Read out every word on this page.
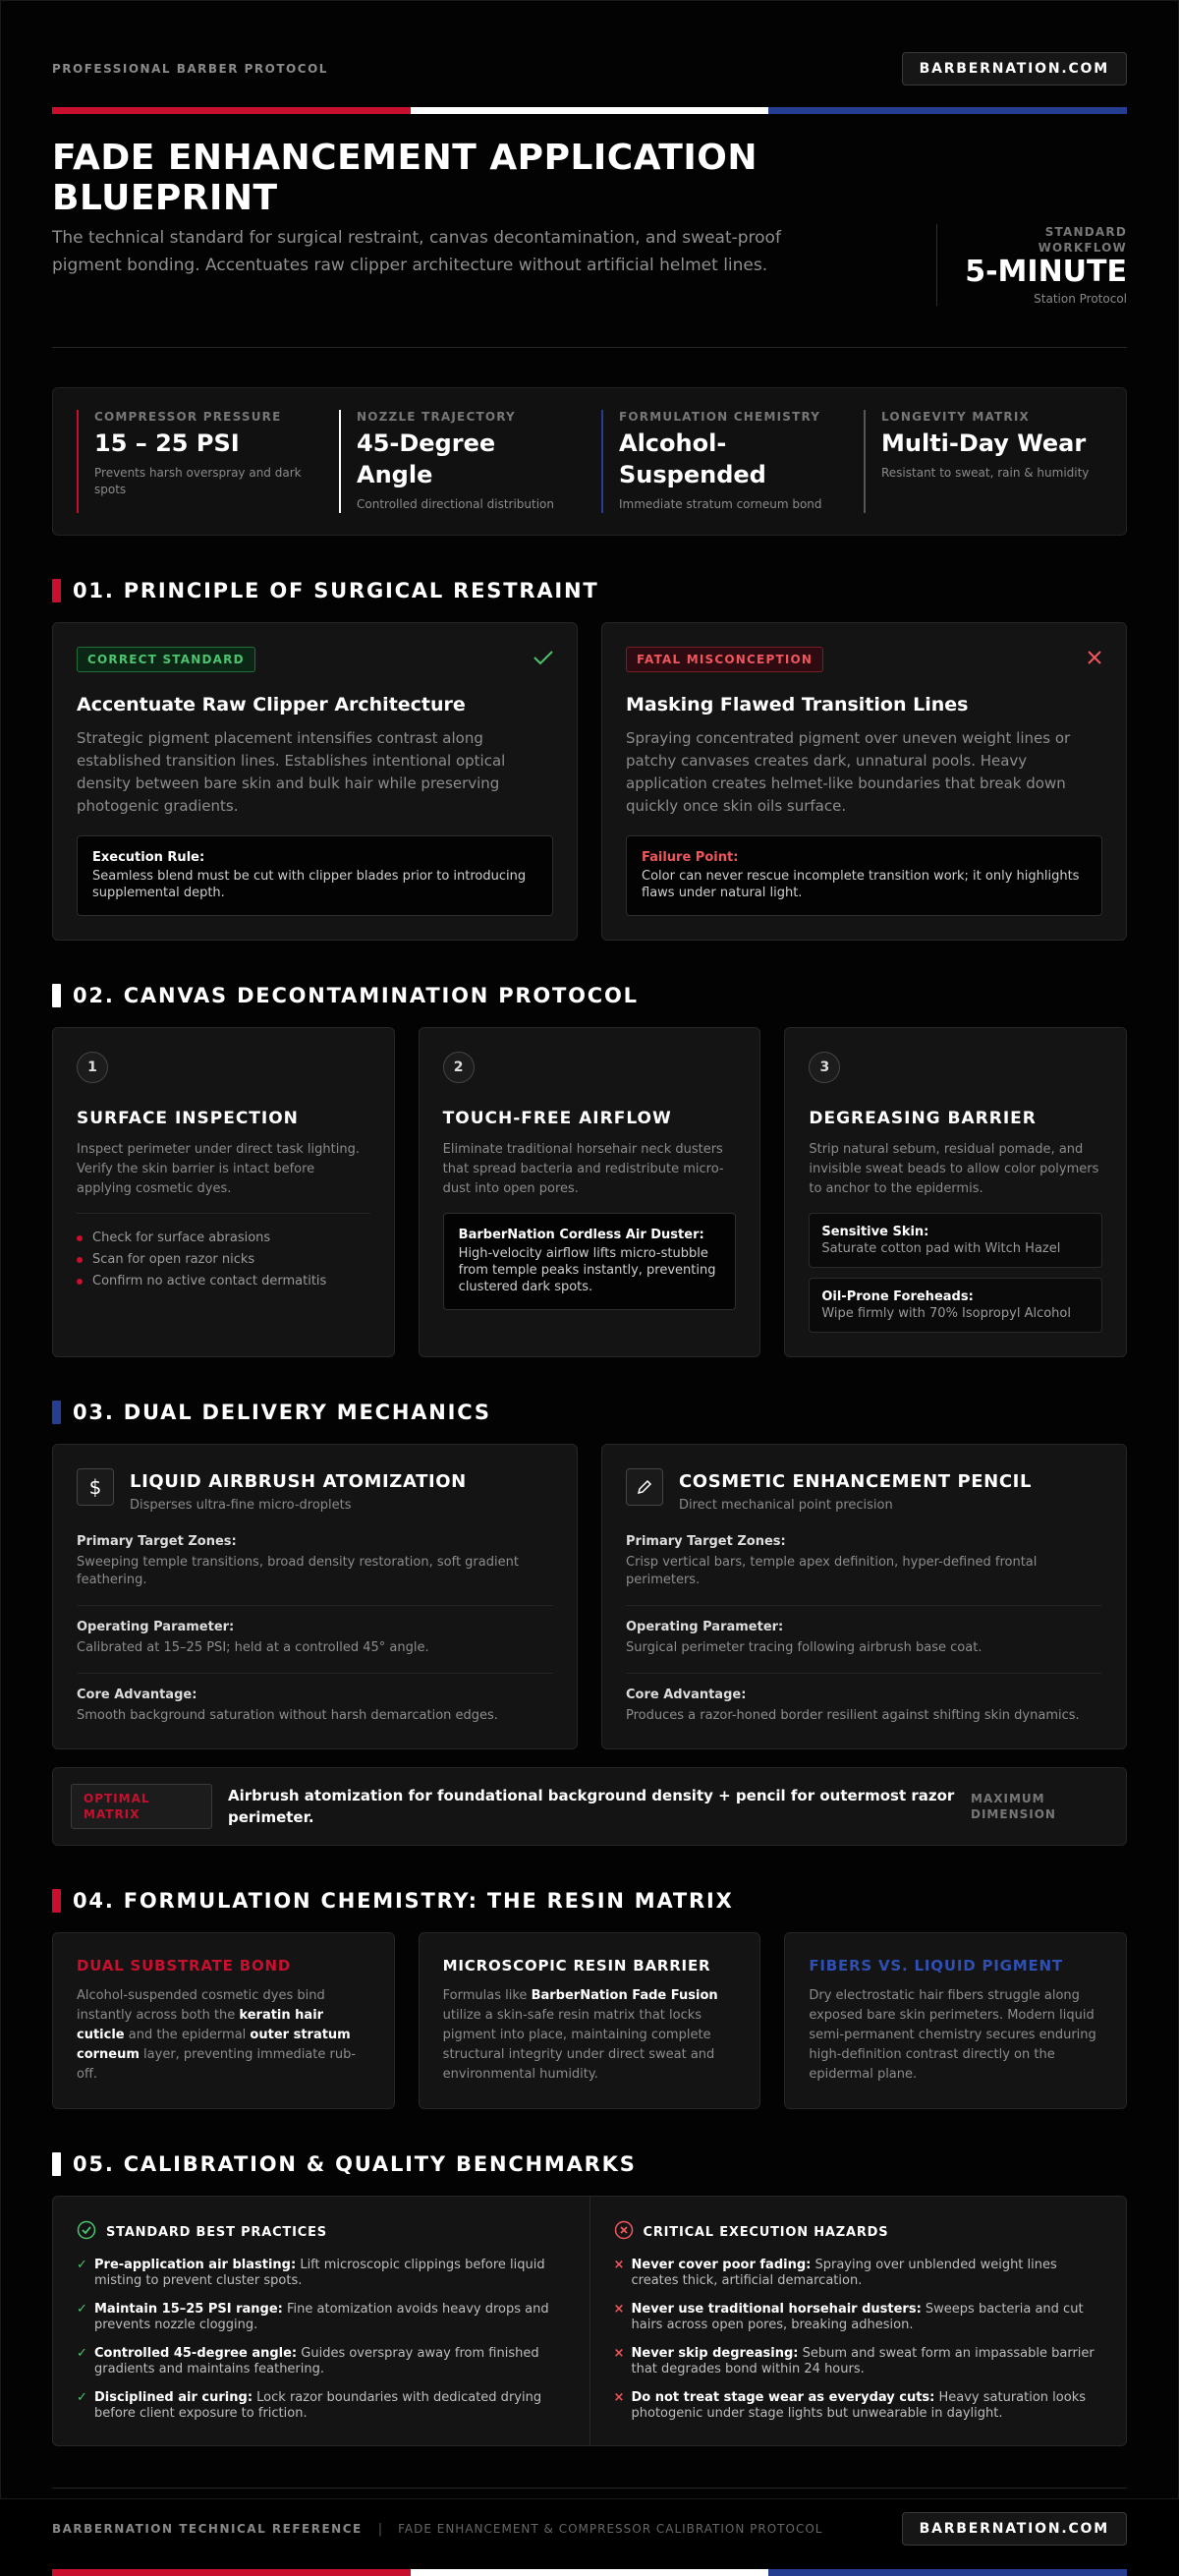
PROFESSIONAL BARBER PROTOCOL	BARBERNATION.COM
FADE ENHANCEMENT APPLICATION BLUEPRINT

The technical standard for surgical restraint, canvas decontamination, and sweat-proof pigment bonding. Accentuates raw clipper architecture without artificial helmet lines.

STANDARD
WORKFLOW
5-MINUTE
Station Protocol
COMPRESSOR PRESSURE
15 – 25 PSI
Prevents harsh overspray and dark spots
NOZZLE TRAJECTORY
45-Degree Angle
Controlled directional distribution
FORMULATION CHEMISTRY
Alcohol-Suspended
Immediate stratum corneum bond
LONGEVITY MATRIX
Multi-Day Wear
Resistant to sweat, rain & humidity
01. PRINCIPLE OF SURGICAL RESTRAINT
CORRECT STANDARD
Accentuate Raw Clipper Architecture
Strategic pigment placement intensifies contrast along established transition lines. Establishes intentional optical density between bare skin and bulk hair while preserving photogenic gradients.
Execution Rule:
Seamless blend must be cut with clipper blades prior to introducing supplemental depth.
FATAL MISCONCEPTION
Masking Flawed Transition Lines
Spraying concentrated pigment over uneven weight lines or patchy canvases creates dark, unnatural pools. Heavy application creates helmet-like boundaries that break down quickly once skin oils surface.
Failure Point:
Color can never rescue incomplete transition work; it only highlights flaws under natural light.
02. CANVAS DECONTAMINATION PROTOCOL
1
SURFACE INSPECTION
Inspect perimeter under direct task lighting. Verify the skin barrier is intact before applying cosmetic dyes.
Check for surface abrasions
Scan for open razor nicks
Confirm no active contact dermatitis
2
TOUCH-FREE AIRFLOW
Eliminate traditional horsehair neck dusters that spread bacteria and redistribute micro-dust into open pores.
BarberNation Cordless Air Duster:
High-velocity airflow lifts micro-stubble from temple peaks instantly, preventing clustered dark spots.
3
DEGREASING BARRIER
Strip natural sebum, residual pomade, and invisible sweat beads to allow color polymers to anchor to the epidermis.
Sensitive Skin:
Saturate cotton pad with Witch Hazel
Oil-Prone Foreheads:
Wipe firmly with 70% Isopropyl Alcohol
03. DUAL DELIVERY MECHANICS
$	LIQUID AIRBRUSH ATOMIZATION
Disperses ultra-fine micro-droplets
Primary Target Zones:
Sweeping temple transitions, broad density restoration, soft gradient feathering.
Operating Parameter:
Calibrated at 15–25 PSI; held at a controlled 45° angle.
Core Advantage:
Smooth background saturation without harsh demarcation edges.
COSMETIC ENHANCEMENT PENCIL
Direct mechanical point precision
Primary Target Zones:
Crisp vertical bars, temple apex definition, hyper-defined frontal perimeters.
Operating Parameter:
Surgical perimeter tracing following airbrush base coat.
Core Advantage:
Produces a razor-honed border resilient against shifting skin dynamics.
OPTIMAL MATRIX
Airbrush atomization for foundational background density + pencil for outermost razor perimeter.
MAXIMUM DIMENSION
04. FORMULATION CHEMISTRY: THE RESIN MATRIX
DUAL SUBSTRATE BOND
Alcohol-suspended cosmetic dyes bind instantly across both the keratin hair cuticle and the epidermal outer stratum corneum layer, preventing immediate rub-off.
MICROSCOPIC RESIN BARRIER
Formulas like BarberNation Fade Fusion utilize a skin-safe resin matrix that locks pigment into place, maintaining complete structural integrity under direct sweat and environmental humidity.
FIBERS VS. LIQUID PIGMENT
Dry electrostatic hair fibers struggle along exposed bare skin perimeters. Modern liquid semi-permanent chemistry secures enduring high-definition contrast directly on the epidermal plane.
05. CALIBRATION & QUALITY BENCHMARKS
STANDARD BEST PRACTICES
✓ Pre-application air blasting: Lift microscopic clippings before liquid misting to prevent cluster spots.
✓ Maintain 15–25 PSI range: Fine atomization avoids heavy drops and prevents nozzle clogging.
✓ Controlled 45-degree angle: Guides overspray away from finished gradients and maintains feathering.
✓ Disciplined air curing: Lock razor boundaries with dedicated drying before client exposure to friction.
CRITICAL EXECUTION HAZARDS
× Never cover poor fading: Spraying over unblended weight lines creates thick, artificial demarcation.
× Never use traditional horsehair dusters: Sweeps bacteria and cut hairs across open pores, breaking adhesion.
× Never skip degreasing: Sebum and sweat form an impassable barrier that degrades bond within 24 hours.
× Do not treat stage wear as everyday cuts: Heavy saturation looks photogenic under stage lights but unwearable in daylight.
BARBERNATION TECHNICAL REFERENCE | FADE ENHANCEMENT & COMPRESSOR CALIBRATION PROTOCOL	BARBERNATION.COM
